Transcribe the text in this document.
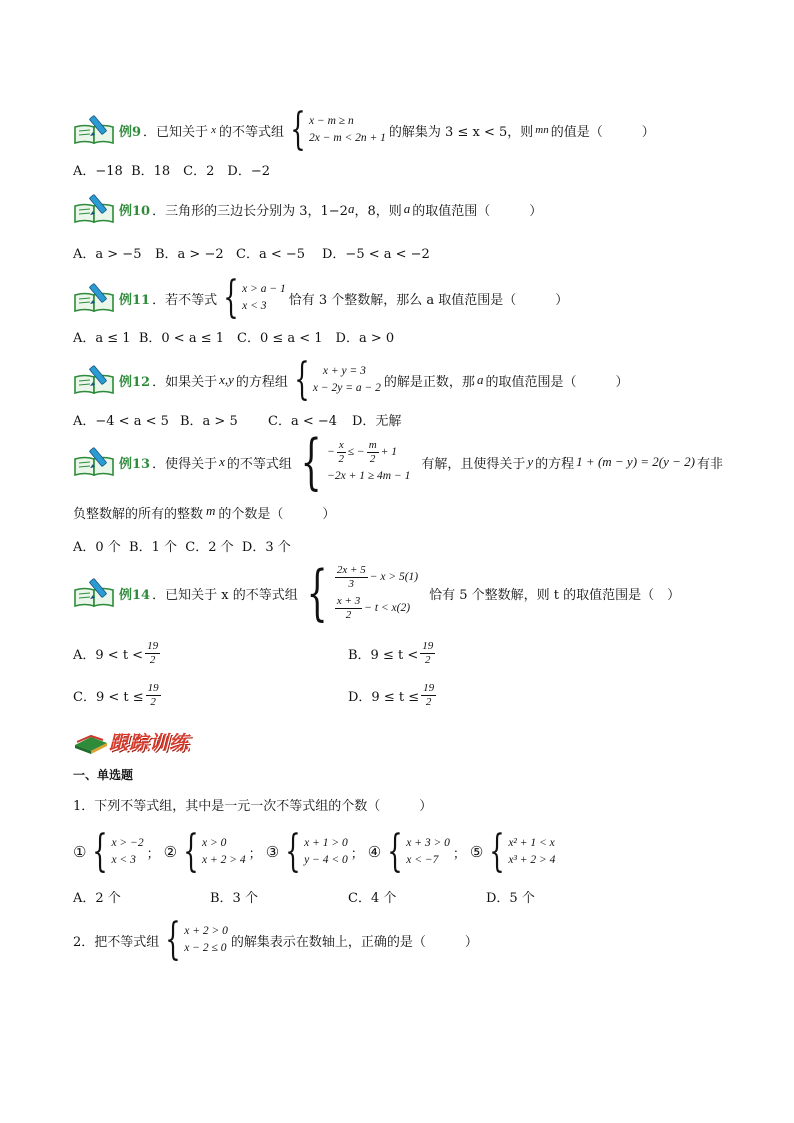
例9 ．已知关于 x 的不等式组 { x − m ≥ n
2x − m < 2n + 1 的解集为 3 ≤ x < 5，则 mn 的值是（　　　）
A．−18  B．18　C．2　D．−2
例10 ．三角形的三边长分别为 3，1−2 a ，8，则 a 的取值范围（　　　）
A．a > −5 B．a > −2 C．a < −5 D．−5 < a < −2
例11 ．若不等式 { x > a − 1
x < 3	恰有 3 个整数解，那么 a 取值范围是（　　　）
A．a ≤ 1  B．0 < a ≤ 1　C．0 ≤ a < 1　D．a > 0
例12 ．如果关于 x,y 的方程组 {	x + y = 3
x − 2y = a − 2 的解是正数，那 a 的取值范围是（　　　）
A．−4 < a < 5 B．a > 5 C．a < −4 D．无解
例13 ．使得关于 x 的不等式组 { − $\frac{x}{2}$ ≤ − $\frac{m}{2} + 1$
−2x + 1 ≥ 4m − 1
有解，且使得关于 y 的方程 1 + (m − y) = 2(y − 2) 有非
负整数解的所有的整数 m 的个数是（　　　）
A．0 个  B．1 个  C．2 个  D．3 个
例14 ．已知关于 x 的不等式组 { $\frac{2x + 5}{3} - x > 5(1)$
$\frac{x + 3}{2} - t < x(2)$
恰有 5 个整数解，则 t 的取值范围是（　）
A．$9 < t < \frac{19}{2}$	B．$9 \le t < \frac{19}{2}$
C．$9 < t \le \frac{19}{2}$	D．$9 \le t \le \frac{19}{2}$
跟踪训练
一、单选题
1．下列不等式组，其中是一元一次不等式组的个数（　　　）
① { x > −2
x < 3 ； ② { x > 0
x + 2 > 4 ； ③ { x + 1 > 0
y − 4 < 0 ； ④ { x + 3 > 0
x < −7	； ⑤ { x² + 1 < x
x³ + 2 > 4
A．2 个	B．3 个	C．4 个	D．5 个
2．把不等式组 { x + 2 > 0
x − 2 ≤ 0 的解集表示在数轴上，正确的是（　　　）
